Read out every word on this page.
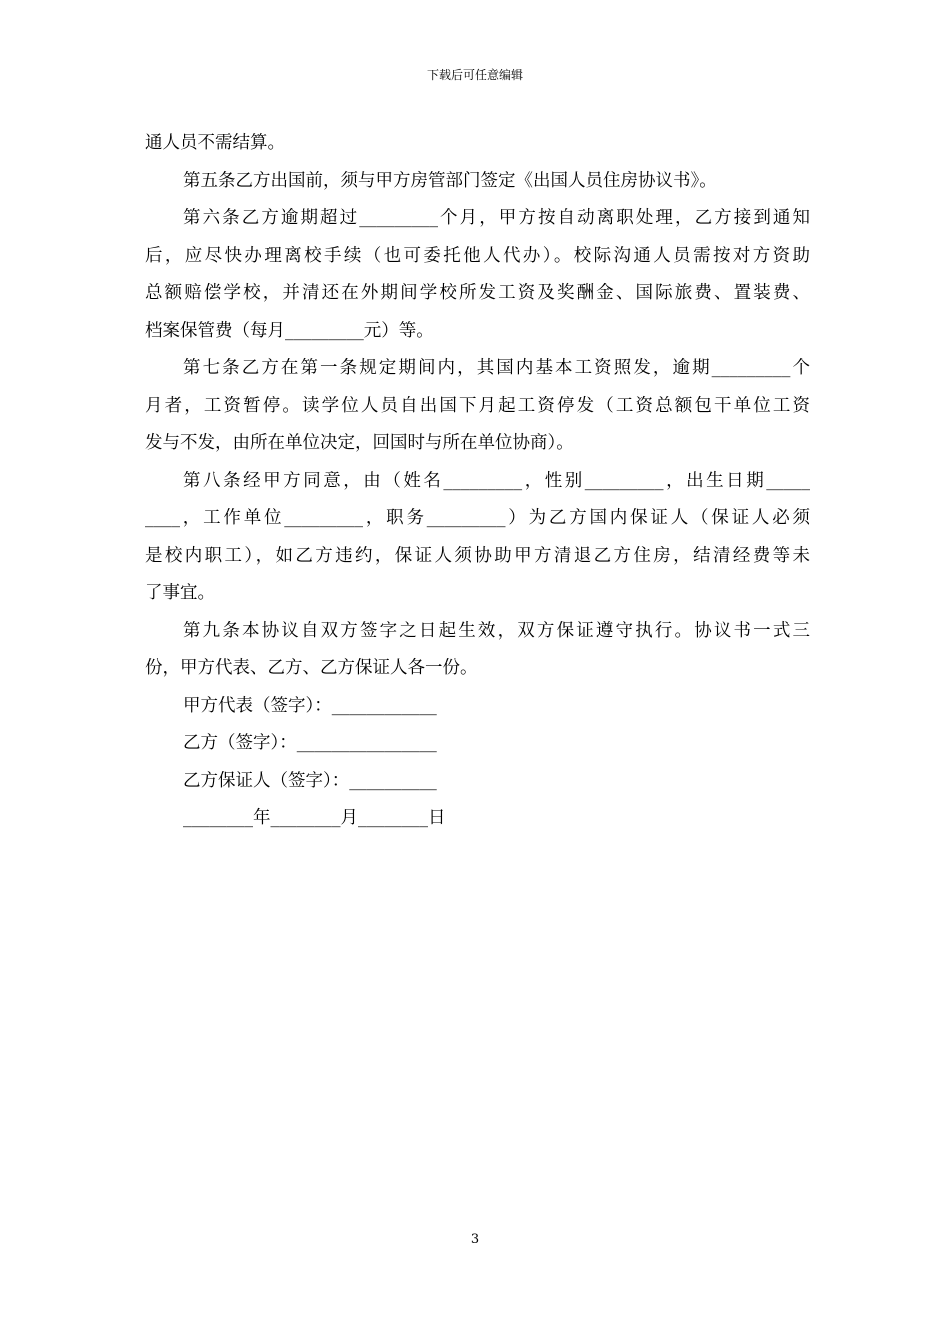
下载后可任意编辑
通人员不需结算。
第五条乙方出国前，须与甲方房管部门签定《出国人员住房协议书》。
第六条乙方逾期超过_________个月，甲方按自动离职处理，乙方接到通知
后，应尽快办理离校手续（也可委托他人代办）。校际沟通人员需按对方资助
总额赔偿学校，并清还在外期间学校所发工资及奖酬金、国际旅费、置装费、
档案保管费（每月_________元）等。
第七条乙方在第一条规定期间内，其国内基本工资照发，逾期_________个
月者，工资暂停。读学位人员自出国下月起工资停发（工资总额包干单位工资
发与不发，由所在单位决定，回国时与所在单位协商）。
第八条经甲方同意，由（姓名_________，性别_________，出生日期_____
____，工作单位_________，职务_________）为乙方国内保证人（保证人必须
是校内职工），如乙方违约，保证人须协助甲方清退乙方住房，结清经费等未
了事宜。
第九条本协议自双方签字之日起生效，双方保证遵守执行。协议书一式三
份，甲方代表、乙方、乙方保证人各一份。
甲方代表（签字）：____________
乙方（签字）：________________
乙方保证人（签字）：__________
________年________月________日
3
